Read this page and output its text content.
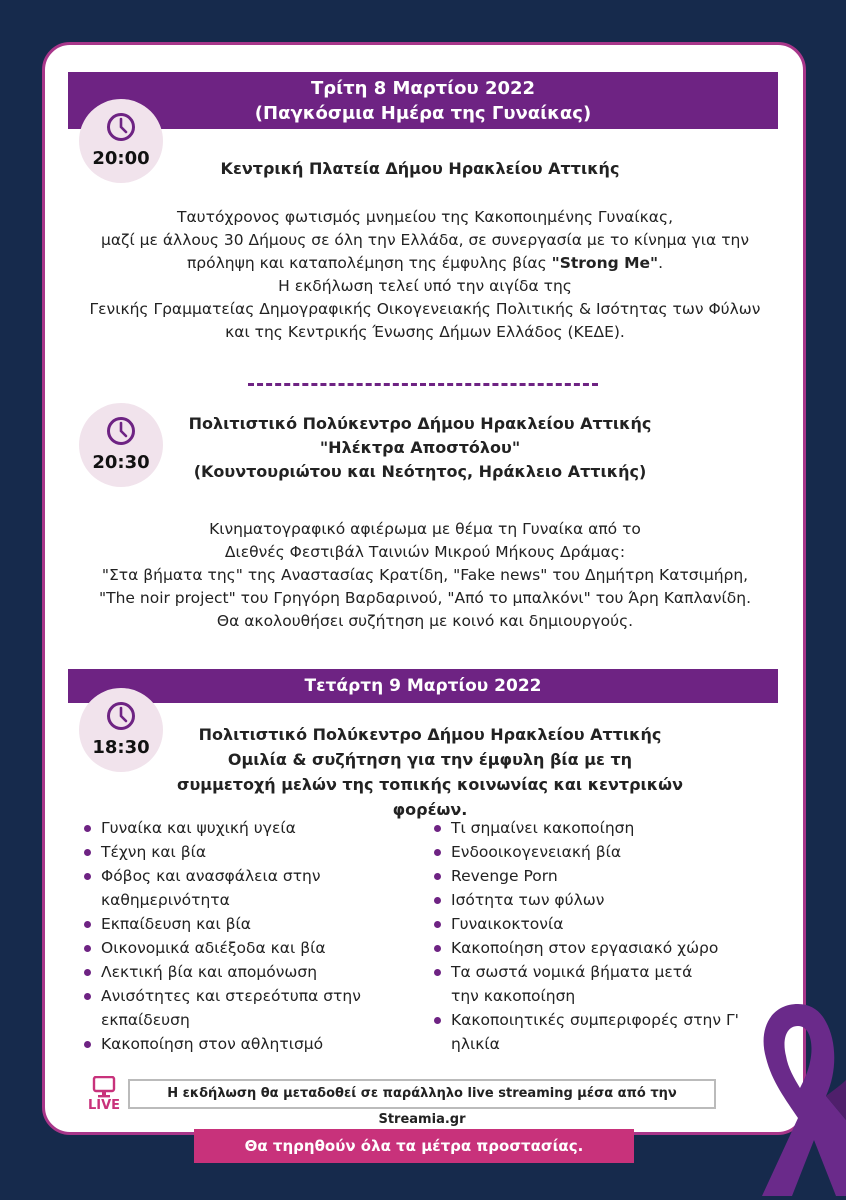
Τρίτη 8 Μαρτίου 2022
(Παγκόσμια Ημέρα της Γυναίκας)
20:00	Κεντρική Πλατεία Δήμου Ηρακλείου Αττικής
Ταυτόχρονος φωτισμός μνημείου της Κακοποιημένης Γυναίκας,
μαζί με άλλους 30 Δήμους σε όλη την Ελλάδα, σε συνεργασία με το κίνημα για την
πρόληψη και καταπολέμηση της έμφυλης βίας "Strong Me".
Η εκδήλωση τελεί υπό την αιγίδα της
Γενικής Γραμματείας Δημογραφικής Οικογενειακής Πολιτικής & Ισότητας των Φύλων
και της Κεντρικής Ένωσης Δήμων Ελλάδος (ΚΕΔΕ).
20:30
Πολιτιστικό Πολύκεντρο Δήμου Ηρακλείου Αττικής
"Ηλέκτρα Αποστόλου"
(Κουντουριώτου και Νεότητος, Ηράκλειο Αττικής)
Κινηματογραφικό αφιέρωμα με θέμα τη Γυναίκα από το
Διεθνές Φεστιβάλ Ταινιών Μικρού Μήκους Δράμας:
"Στα βήματα της" της Αναστασίας Κρατίδη, "Fake news" του Δημήτρη Κατσιμήρη,
"The noir project" του Γρηγόρη Βαρδαρινού, "Από το μπαλκόνι" του Άρη Καπλανίδη.
Θα ακολουθήσει συζήτηση με κοινό και δημιουργούς.
Τετάρτη 9 Μαρτίου 2022
18:30
Πολιτιστικό Πολύκεντρο Δήμου Ηρακλείου Αττικής
Ομιλία & συζήτηση για την έμφυλη βία με τη
συμμετοχή μελών της τοπικής κοινωνίας και κεντρικών φορέων.
Γυναίκα και ψυχική υγεία
Τέχνη και βία
Φόβος και ανασφάλεια στην καθημερινότητα
Εκπαίδευση και βία
Οικονομικά αδιέξοδα και βία
Λεκτική βία και απομόνωση
Ανισότητες και στερεότυπα στην εκπαίδευση
Κακοποίηση στον αθλητισμό
Τι σημαίνει κακοποίηση
Ενδοοικογενειακή βία
Revenge Porn
Ισότητα των φύλων
Γυναικοκτονία
Κακοποίηση στον εργασιακό χώρο
Τα σωστά νομικά βήματα μετά την κακοποίηση
Κακοποιητικές συμπεριφορές στην Γ' ηλικία
LIVE
Η εκδήλωση θα μεταδοθεί σε παράλληλο live streaming μέσα από την Streamia.gr
Θα τηρηθούν όλα τα μέτρα προστασίας.
